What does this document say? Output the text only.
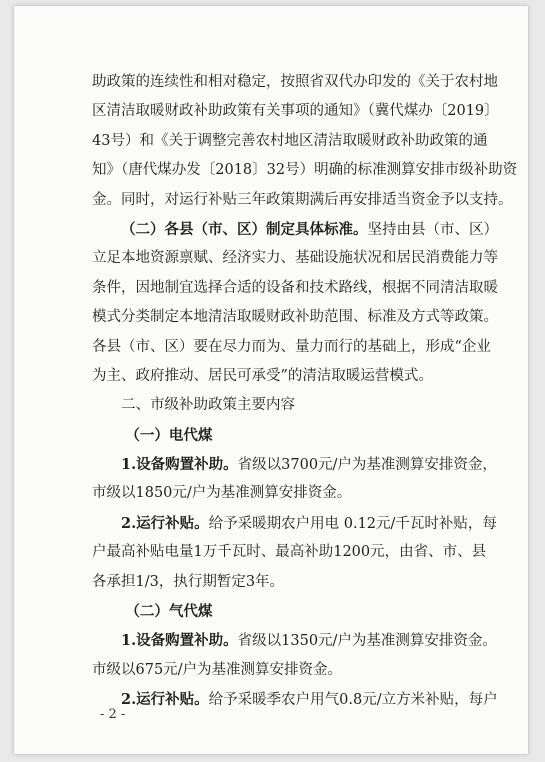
助政策的连续性和相对稳定，按照省双代办印发的《关于农村地
区清洁取暖财政补助政策有关事项的通知》（冀代煤办〔2019〕
43号）和《关于调整完善农村地区清洁取暖财政补助政策的通
知》（唐代煤办发〔2018〕32号）明确的标准测算安排市级补助资
金。同时，对运行补贴三年政策期满后再安排适当资金予以支持。
（二）各县（市、区）制定具体标准。坚持由县（市、区）
立足本地资源禀赋、经济实力、基础设施状况和居民消费能力等
条件，因地制宜选择合适的设备和技术路线，根据不同清洁取暖
模式分类制定本地清洁取暖财政补助范围、标准及方式等政策。
各县（市、区）要在尽力而为、量力而行的基础上，形成“企业
为主、政府推动、居民可承受”的清洁取暖运营模式。
二、市级补助政策主要内容
（一）电代煤
1.设备购置补助。省级以3700元/户为基准测算安排资金，
市级以1850元/户为基准测算安排资金。
2.运行补贴。给予采暖期农户用电 0.12元/千瓦时补贴，每
户最高补贴电量1万千瓦时、最高补助1200元，由省、市、县
各承担1/3，执行期暂定3年。
（二）气代煤
1.设备购置补助。省级以1350元/户为基准测算安排资金。
市级以675元/户为基准测算安排资金。
2.运行补贴。给予采暖季农户用气0.8元/立方米补贴，每户
- 2 -
